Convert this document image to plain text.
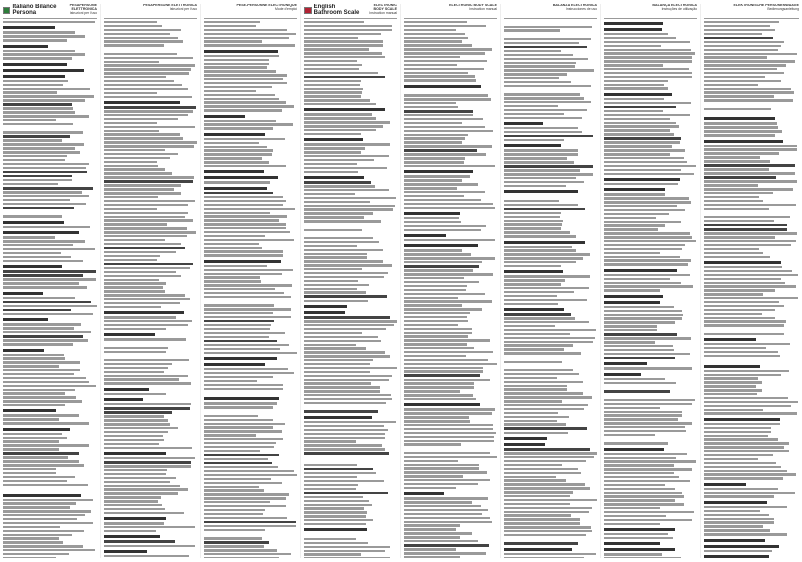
Italiano Bilance Persona
PESAPERSONE ELETTRONICA
Istruzioni per l'uso
PESAPERSONE ELETTRONICA
Istruzioni per l'uso
PÈSE-PERSONNE ÉLECTRONIQUE
Mode d'emploi	English Bathroom Scale
ELECTRONIC BODY SCALE
Instruction manual
ELECTRONIC BODY SCALE
Instruction manual
BALANZA ELECTRÓNICA
Instrucciones de uso
BALANÇA ELECTRÓNICA
Instruções de utilização
ELEKTRONISCHE PERSONENWAAGE
Bedienungsanleitung
